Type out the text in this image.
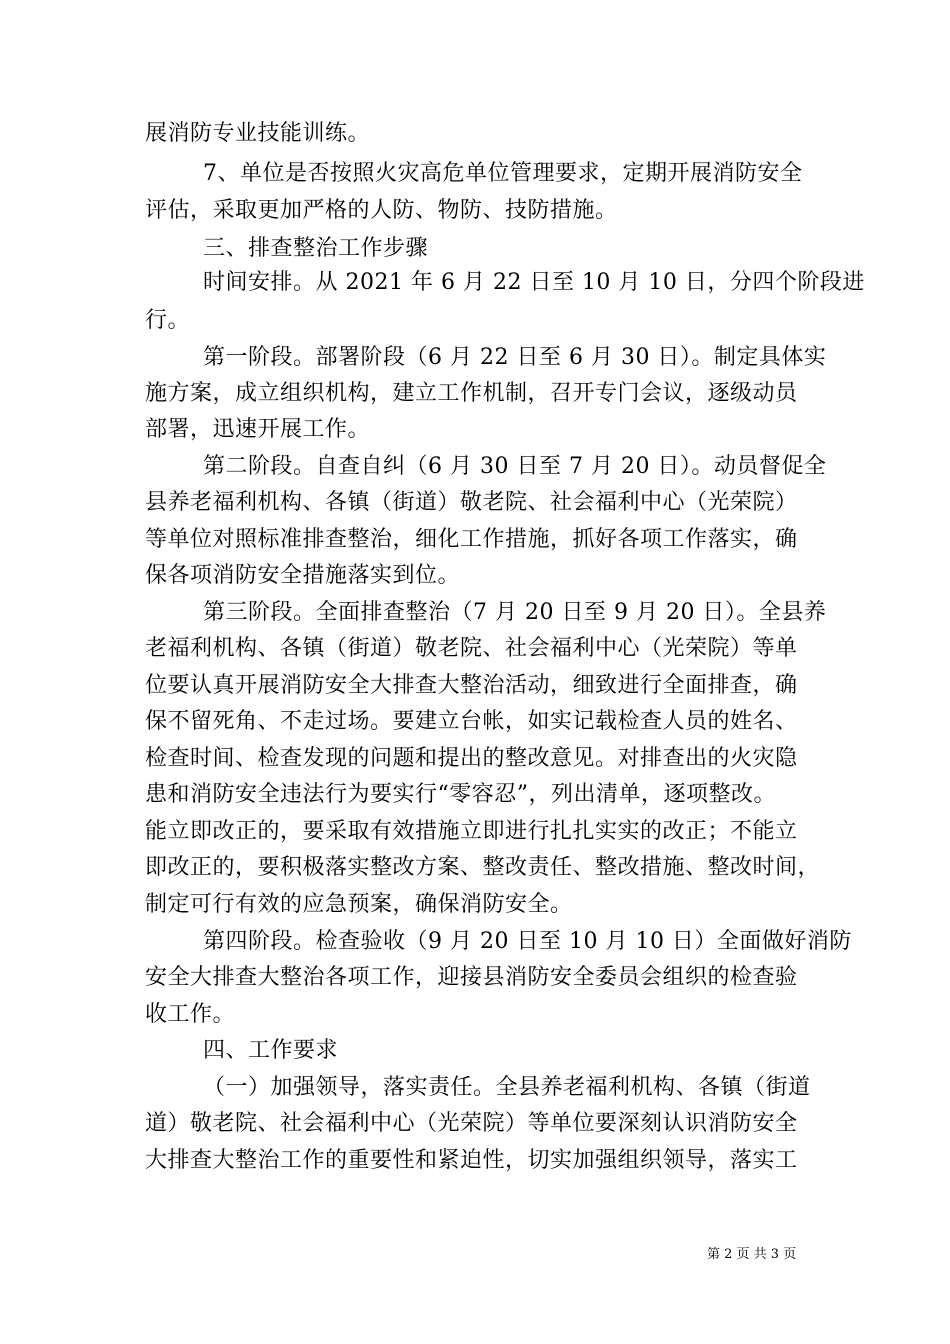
展消防专业技能训练。
7、单位是否按照火灾高危单位管理要求，定期开展消防安全
评估，采取更加严格的人防、物防、技防措施。
三、排查整治工作步骤
时间安排。从 2021 年 6 月 22 日至 10 月 10 日，分四个阶段进
行。
第一阶段。部署阶段（6 月 22 日至 6 月 30 日）。制定具体实
施方案，成立组织机构，建立工作机制，召开专门会议，逐级动员
部署，迅速开展工作。
第二阶段。自查自纠（6 月 30 日至 7 月 20 日）。动员督促全
县养老福利机构、各镇（街道）敬老院、社会福利中心（光荣院）
等单位对照标准排查整治，细化工作措施，抓好各项工作落实，确
保各项消防安全措施落实到位。
第三阶段。全面排查整治（7 月 20 日至 9 月 20 日）。全县养
老福利机构、各镇（街道）敬老院、社会福利中心（光荣院）等单
位要认真开展消防安全大排查大整治活动，细致进行全面排查，确
保不留死角、不走过场。要建立台帐，如实记载检查人员的姓名、
检查时间、检查发现的问题和提出的整改意见。对排查出的火灾隐
患和消防安全违法行为要实行“零容忍”，列出清单，逐项整改。
能立即改正的，要采取有效措施立即进行扎扎实实的改正；不能立
即改正的，要积极落实整改方案、整改责任、整改措施、整改时间，
制定可行有效的应急预案，确保消防安全。
第四阶段。检查验收（9 月 20 日至 10 月 10 日）全面做好消防
安全大排查大整治各项工作，迎接县消防安全委员会组织的检查验
收工作。
四、工作要求
（一）加强领导，落实责任。全县养老福利机构、各镇（街道
道）敬老院、社会福利中心（光荣院）等单位要深刻认识消防安全
大排查大整治工作的重要性和紧迫性，切实加强组织领导，落实工
第 2 页 共 3 页
